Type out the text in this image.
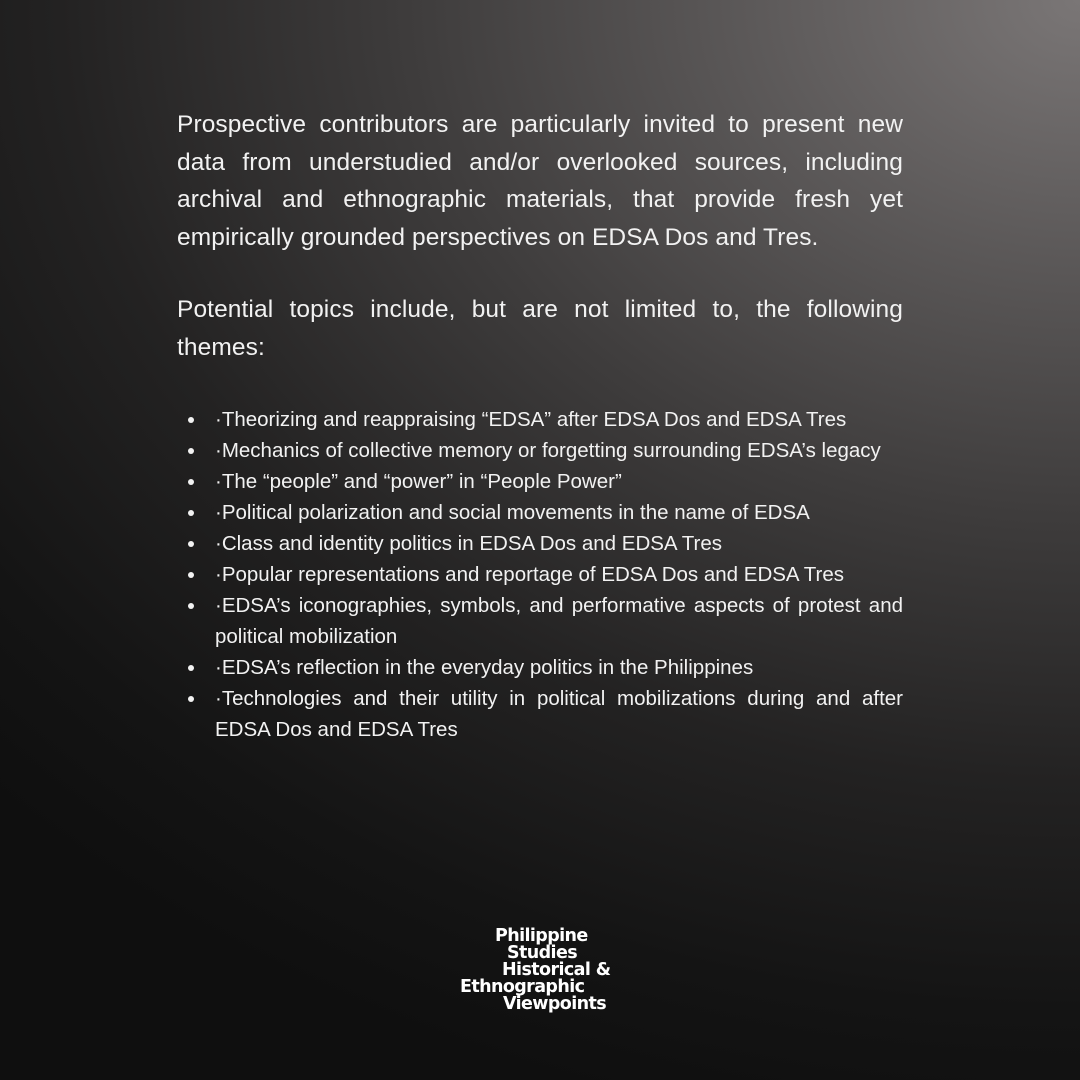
Prospective contributors are particularly invited to present new data from understudied and/or overlooked sources, including archival and ethnographic materials, that provide fresh yet empirically grounded perspectives on EDSA Dos and Tres.

Potential topics include, but are not limited to, the following themes:

·Theorizing and reappraising “EDSA” after EDSA Dos and EDSA Tres
·Mechanics of collective memory or forgetting surrounding EDSA’s legacy
·The “people” and “power” in “People Power”
·Political polarization and social movements in the name of EDSA
·Class and identity politics in EDSA Dos and EDSA Tres
·Popular representations and reportage of EDSA Dos and EDSA Tres
·EDSA’s iconographies, symbols, and performative aspects of protest and political mobilization
·EDSA’s reflection in the everyday politics in the Philippines
·Technologies and their utility in political mobilizations during and after EDSA Dos and EDSA Tres
Philippine
Studies
Historical &
Ethnographic
Viewpoints
